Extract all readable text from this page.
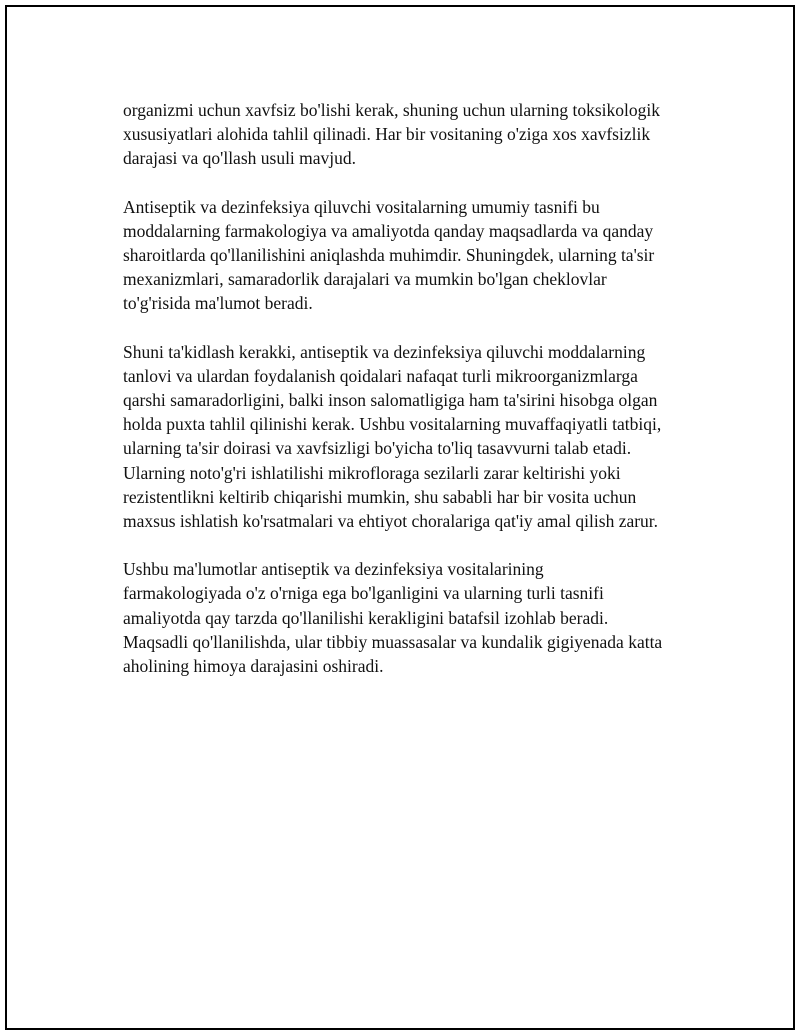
organizmi uchun xavfsiz bo'lishi kerak, shuning uchun ularning toksikologik
xususiyatlari alohida tahlil qilinadi. Har bir vositaning o'ziga xos xavfsizlik
darajasi va qo'llash usuli mavjud.

Antiseptik va dezinfeksiya qiluvchi vositalarning umumiy tasnifi bu
moddalarning farmakologiya va amaliyotda qanday maqsadlarda va qanday
sharoitlarda qo'llanilishini aniqlashda muhimdir. Shuningdek, ularning ta'sir
mexanizmlari, samaradorlik darajalari va mumkin bo'lgan cheklovlar
to'g'risida ma'lumot beradi.

Shuni ta'kidlash kerakki, antiseptik va dezinfeksiya qiluvchi moddalarning
tanlovi va ulardan foydalanish qoidalari nafaqat turli mikroorganizmlarga
qarshi samaradorligini, balki inson salomatligiga ham ta'sirini hisobga olgan
holda puxta tahlil qilinishi kerak. Ushbu vositalarning muvaffaqiyatli tatbiqi,
ularning ta'sir doirasi va xavfsizligi bo'yicha to'liq tasavvurni talab etadi.
Ularning noto'g'ri ishlatilishi mikrofloraga sezilarli zarar keltirishi yoki
rezistentlikni keltirib chiqarishi mumkin, shu sababli har bir vosita uchun
maxsus ishlatish ko'rsatmalari va ehtiyot choralariga qat'iy amal qilish zarur.

Ushbu ma'lumotlar antiseptik va dezinfeksiya vositalarining
farmakologiyada o'z o'rniga ega bo'lganligini va ularning turli tasnifi
amaliyotda qay tarzda qo'llanilishi kerakligini batafsil izohlab beradi.
Maqsadli qo'llanilishda, ular tibbiy muassasalar va kundalik gigiyenada katta
aholining himoya darajasini oshiradi.
